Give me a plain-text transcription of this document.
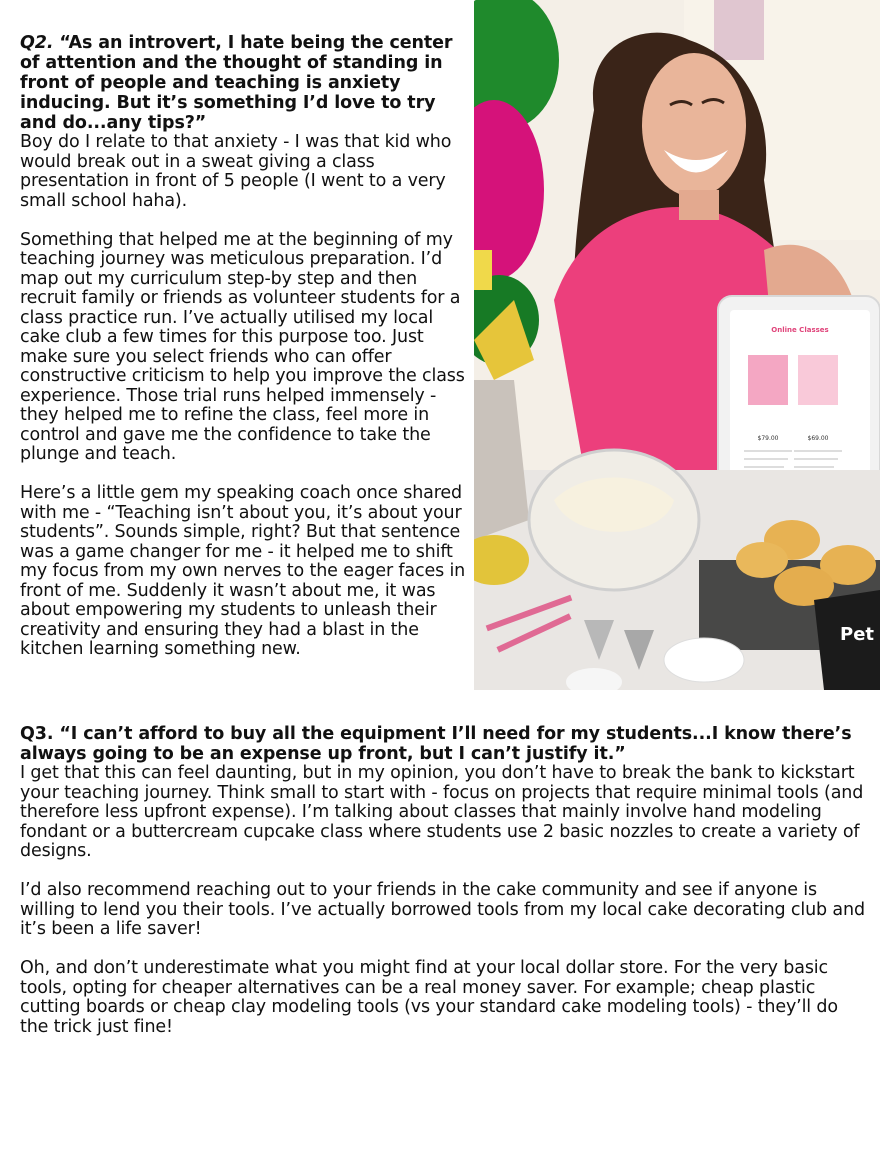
Q2. “As an introvert, I hate being the center of attention and the thought of standing in front of people and teaching is anxiety inducing. But it’s something I’d love to try and do...any tips?”

Boy do I relate to that anxiety - I was that kid who would break out in a sweat giving a class presentation in front of 5 people (I went to a very small school haha).

Something that helped me at the beginning of my teaching journey was meticulous preparation. I’d map out my curriculum step-by step and then recruit family or friends as volunteer students for a class practice run. I’ve actually utilised my local cake club a few times for this purpose too. Just make sure you select friends who can offer constructive criticism to help you improve the class experience. Those trial runs helped immensely - they helped me to refine the class, feel more in control and gave me the confidence to take the plunge and teach.

Here’s a little gem my speaking coach once shared with me - “Teaching isn’t about you, it’s about your students”. Sounds simple, right? But that sentence was a game changer for me - it helped me to shift my focus from my own nerves to the eager faces in front of me. Suddenly it wasn’t about me, it was about empowering my students to unleash their creativity and ensuring they had a blast in the kitchen learning something new.

Online Classes
$79.00	$69.00
Pet

Q3. “I can’t afford to buy all the equipment I’ll need for my students...I know there’s always going to be an expense up front, but I can’t justify it.”

I get that this can feel daunting, but in my opinion, you don’t have to break the bank to kickstart your teaching journey. Think small to start with - focus on projects that require minimal tools (and therefore less upfront expense). I’m talking about classes that mainly involve hand modeling fondant or a buttercream cupcake class where students use 2 basic nozzles to create a variety of designs.

I’d also recommend reaching out to your friends in the cake community and see if anyone is willing to lend you their tools. I’ve actually borrowed tools from my local cake decorating club and it’s been a life saver!

Oh, and don’t underestimate what you might find at your local dollar store. For the very basic tools, opting for cheaper alternatives can be a real money saver. For example; cheap plastic cutting boards or cheap clay modeling tools (vs your standard cake modeling tools) - they’ll do the trick just fine!
